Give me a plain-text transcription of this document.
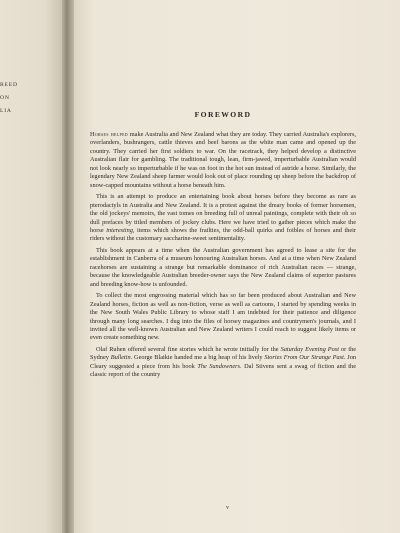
REED
ON
LIA	FOREWORD

Horses helped make Australia and New Zealand what they are today. They carried Australia's explorers, overlanders, bushrangers, cattle thieves and beef barons as the white man came and opened up the country. They carried her first soldiers to war. On the racetrack, they helped develop a distinctive Australian flair for gambling. The traditional tough, lean, firm-jawed, imperturbable Australian would not look nearly so imperturbable if he was on foot in the hot sun instead of astride a horse. Similarly, the legendary New Zealand sheep farmer would look out of place rounding up sheep before the backdrop of snow-capped mountains without a horse beneath him.

This is an attempt to produce an entertaining book about horses before they become as rare as pterodactyls in Australia and New Zealand. It is a protest against the dreary books of former horsemen, the old jockeys' memoirs, the vast tomes on breeding full of unreal paintings, complete with their oh so dull prefaces by titled members of jockey clubs. Here we have tried to gather pieces which make the horse interesting, items which shows the frailties, the odd-ball quirks and foibles of horses and their riders without the customary saccharine-sweet sentimentality.

This book appears at a time when the Australian government has agreed to lease a site for the establishment in Canberra of a museum honouring Australian horses. And at a time when New Zealand racehorses are sustaining a strange but remarkable dominance of rich Australian races — strange, because the knowledgeable Australian breeder-owner says the New Zealand claims of superior pastures and breeding know-how is unfounded.

To collect the most engrossing material which has so far been produced about Australian and New Zealand horses, fiction as well as non-fiction, verse as well as cartoons, I started by spending weeks in the New South Wales Public Library to whose staff I am indebted for their patience and diligence through many long searches. I dug into the files of horsey magazines and countrymen's journals, and I invited all the well-known Australian and New Zealand writers I could reach to suggest likely items or even create something new.

Olaf Ruhen offered several fine stories which he wrote initially for the Saturday Evening Post or the Sydney Bulletin. George Blaikie handed me a big heap of his lively Stories From Our Strange Past. Jon Cleary suggested a piece from his book The Sundowners. Dal Stivens sent a swag of fiction and the classic report of the country

v
